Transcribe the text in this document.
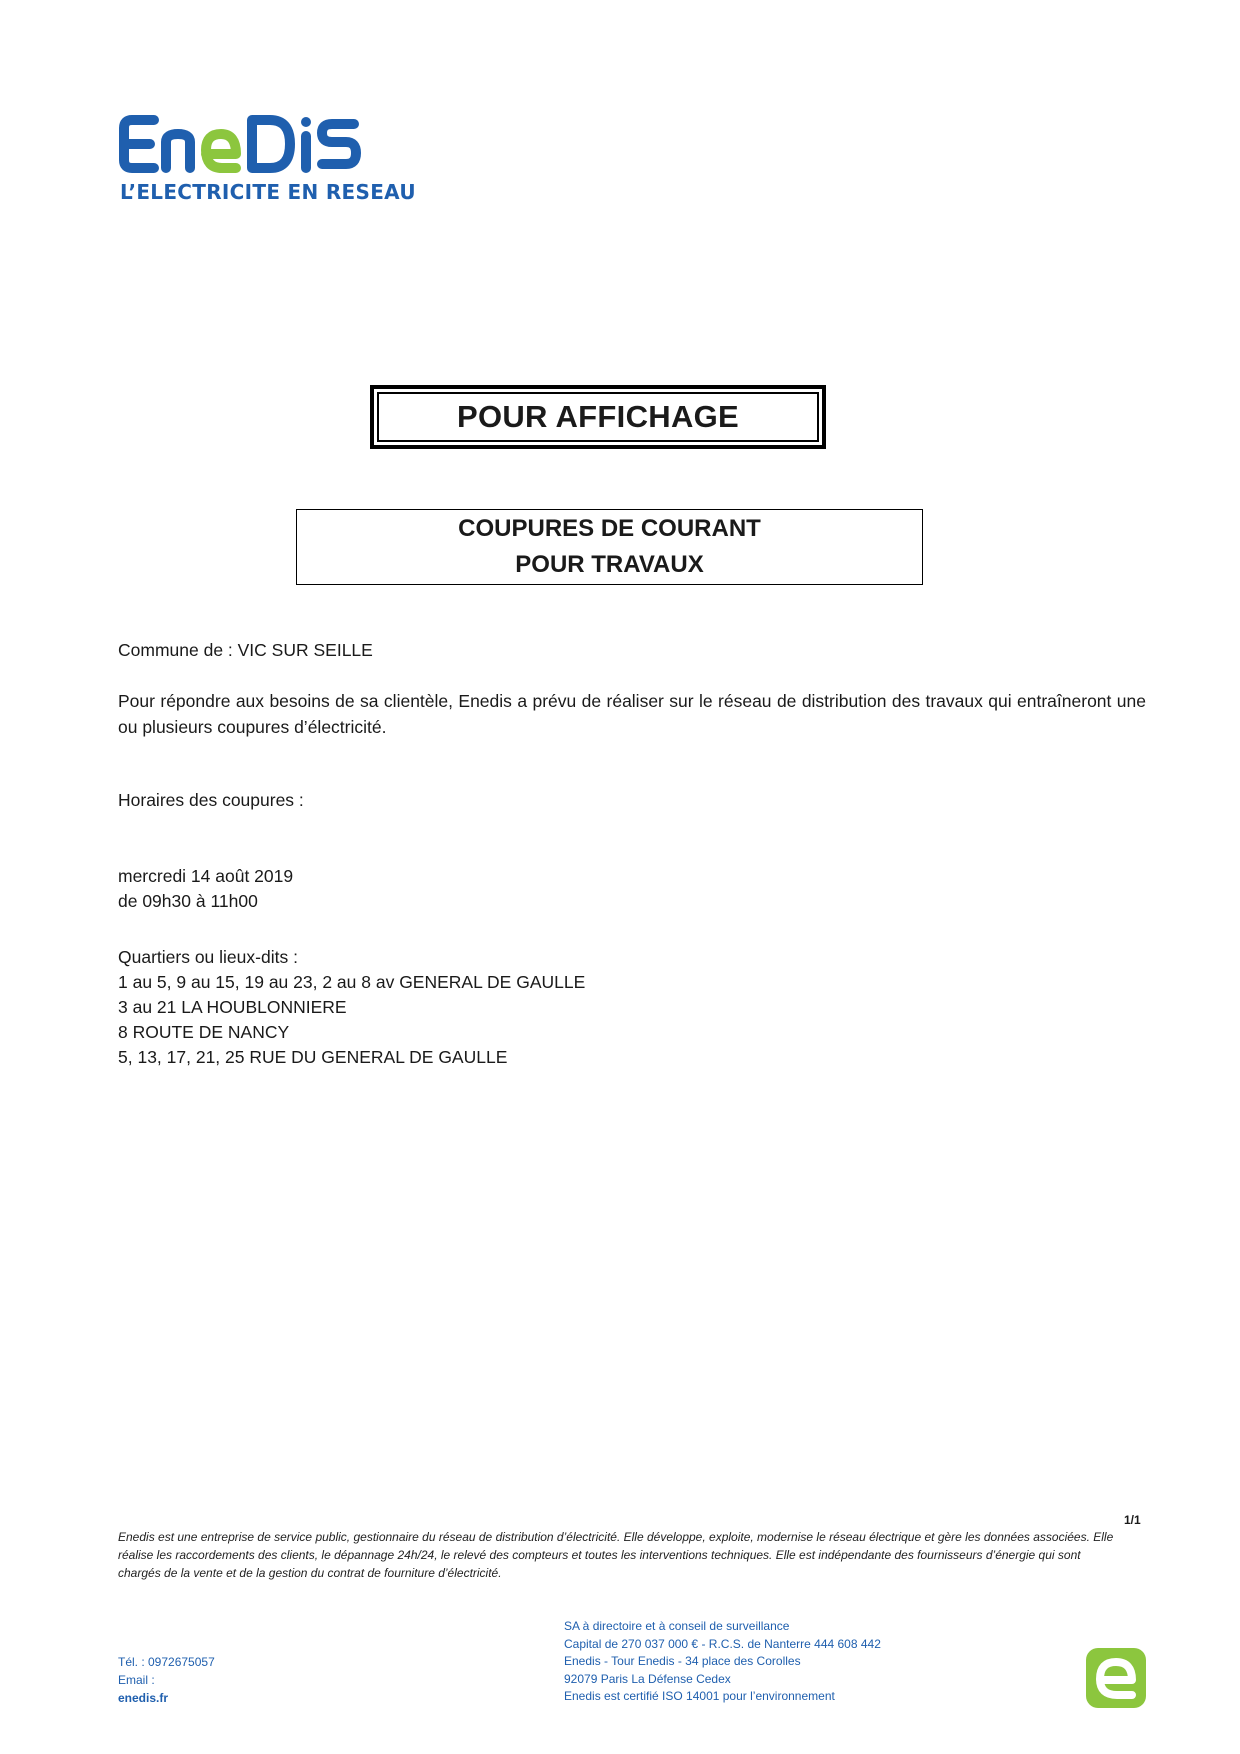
L’ELECTRICITE EN RESEAU
POUR AFFICHAGE
COUPURES DE COURANT
POUR TRAVAUX
Commune de : VIC SUR SEILLE
Pour répondre aux besoins de sa clientèle, Enedis a prévu de réaliser sur le réseau de distribution des travaux qui entraîneront une ou plusieurs coupures d’électricité.
Horaires des coupures :
mercredi 14 août 2019
de 09h30 à 11h00
Quartiers ou lieux-dits :
1 au 5, 9 au 15, 19 au 23, 2 au 8 av GENERAL DE GAULLE
3 au 21 LA HOUBLONNIERE
8 ROUTE DE NANCY
5, 13, 17, 21, 25 RUE DU GENERAL DE GAULLE
1/1
Enedis est une entreprise de service public, gestionnaire du réseau de distribution d’électricité. Elle développe, exploite, modernise le réseau électrique et gère les données associées. Elle réalise les raccordements des clients, le dépannage 24h/24, le relevé des compteurs et toutes les interventions techniques. Elle est indépendante des fournisseurs d’énergie qui sont chargés de la vente et de la gestion du contrat de fourniture d’électricité.
Tél. : 0972675057
Email :
enedis.fr
SA à directoire et à conseil de surveillance
Capital de 270 037 000 € - R.C.S. de Nanterre 444 608 442
Enedis - Tour Enedis - 34 place des Corolles
92079 Paris La Défense Cedex
Enedis est certifié ISO 14001 pour l’environnement
